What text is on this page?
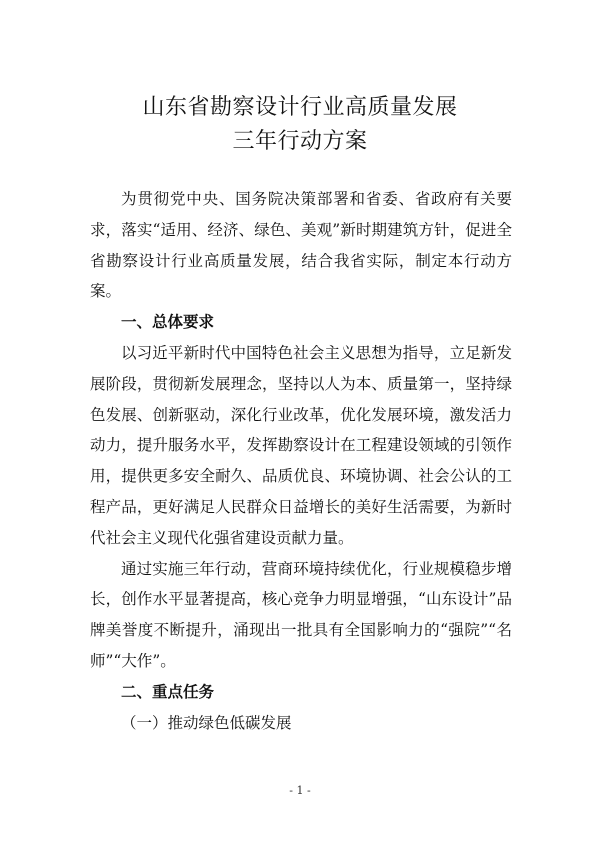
山东省勘察设计行业高质量发展
三年行动方案

为贯彻党中央、国务院决策部署和省委、省政府有关要求，落实“适用、经济、绿色、美观”新时期建筑方针，促进全省勘察设计行业高质量发展，结合我省实际，制定本行动方案。

一、总体要求

以习近平新时代中国特色社会主义思想为指导，立足新发展阶段，贯彻新发展理念，坚持以人为本、质量第一，坚持绿色发展、创新驱动，深化行业改革，优化发展环境，激发活力动力，提升服务水平，发挥勘察设计在工程建设领域的引领作用，提供更多安全耐久、品质优良、环境协调、社会公认的工程产品，更好满足人民群众日益增长的美好生活需要，为新时代社会主义现代化强省建设贡献力量。

通过实施三年行动，营商环境持续优化，行业规模稳步增长，创作水平显著提高，核心竞争力明显增强，“山东设计”品牌美誉度不断提升，涌现出一批具有全国影响力的“强院”“名师”“大作”。

二、重点任务

（一）推动绿色低碳发展

- 1 -
